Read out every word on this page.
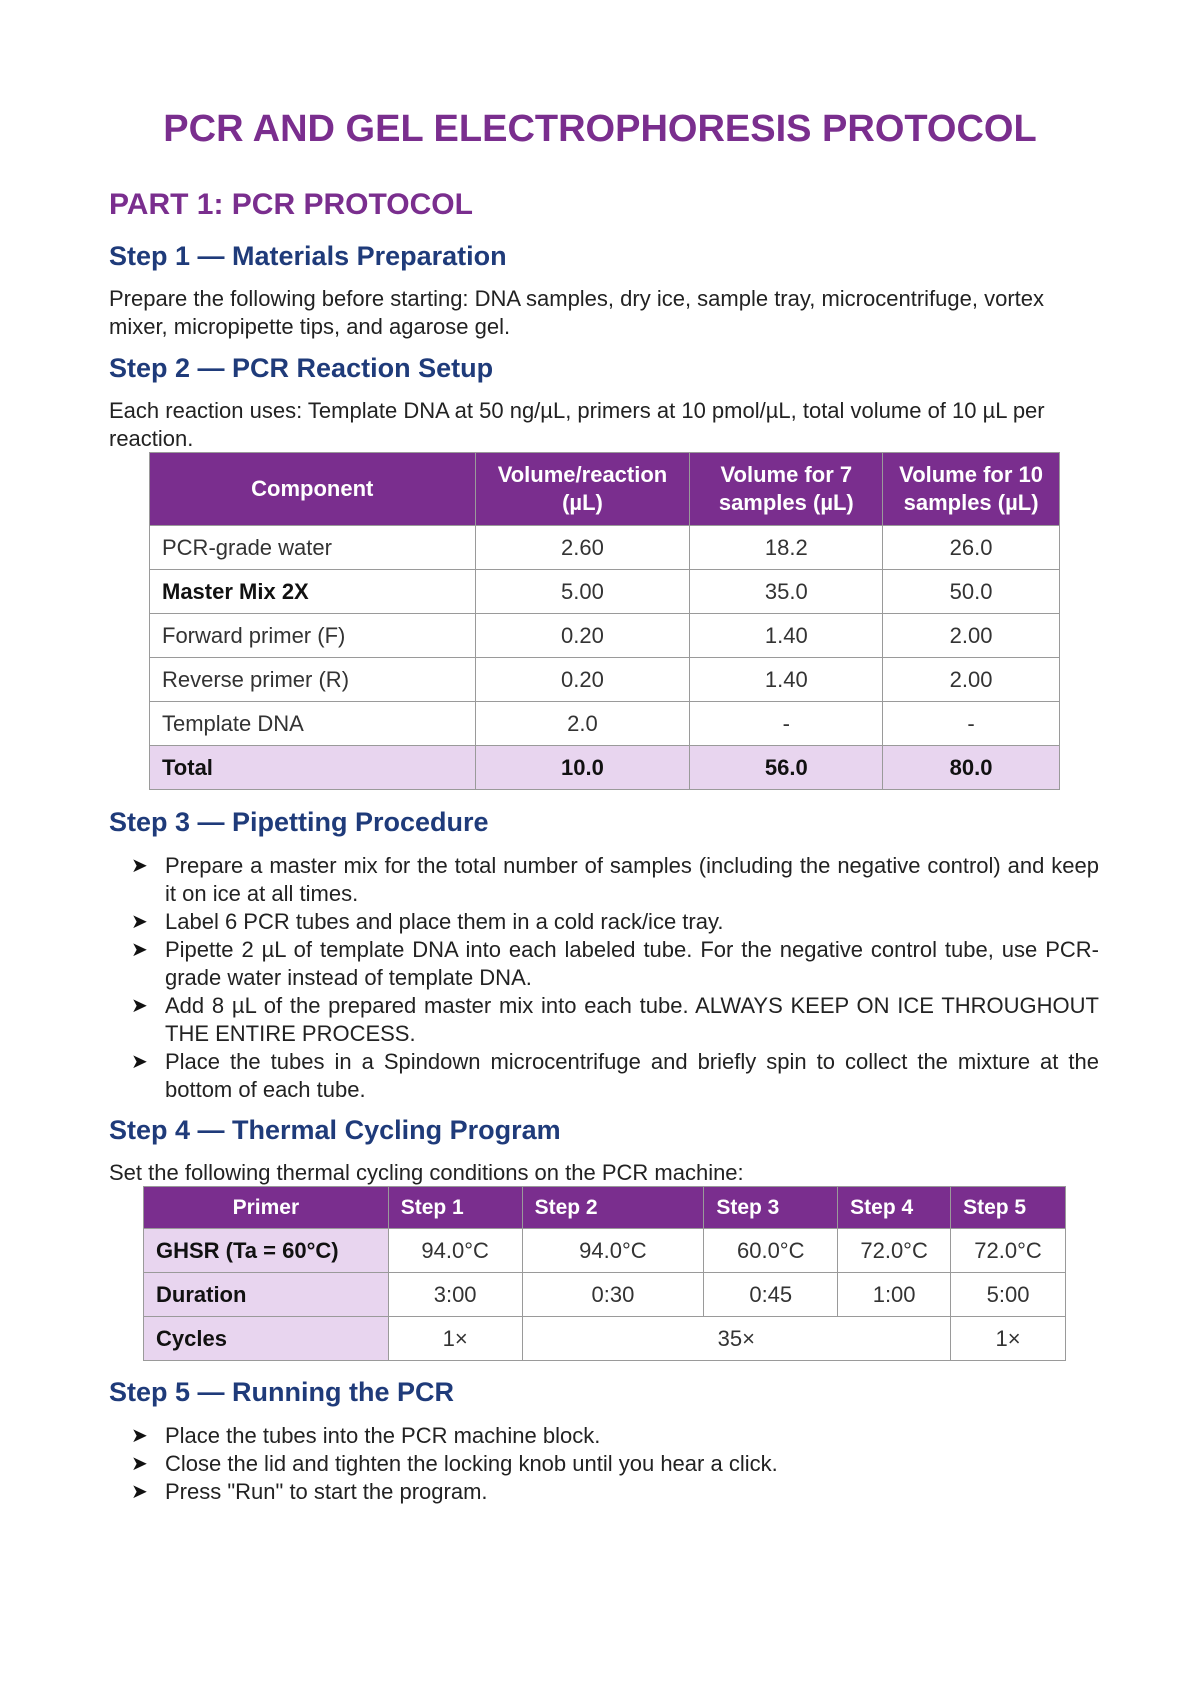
PCR AND GEL ELECTROPHORESIS PROTOCOL
PART 1: PCR PROTOCOL
Step 1 — Materials Preparation

Prepare the following before starting: DNA samples, dry ice, sample tray, microcentrifuge, vortex mixer, micropipette tips, and agarose gel.

Step 2 — PCR Reaction Setup

Each reaction uses: Template DNA at 50 ng/µL, primers at 10 pmol/µL, total volume of 10 µL per reaction.

Component	Volume/reaction (µL)	Volume for 7 samples (µL)	Volume for 10 samples (µL)
PCR-grade water	2.60	18.2	26.0
Master Mix 2X	5.00	35.0	50.0
Forward primer (F)	0.20	1.40	2.00
Reverse primer (R)	0.20	1.40	2.00
Template DNA	2.0	-	-
Total	10.0	56.0	80.0
Step 3 — Pipetting Procedure
➤ Prepare a master mix for the total number of samples (including the negative control) and keep it on ice at all times.
➤ Label 6 PCR tubes and place them in a cold rack/ice tray.
➤ Pipette 2 µL of template DNA into each labeled tube. For the negative control tube, use PCR-grade water instead of template DNA.
➤ Add 8 µL of the prepared master mix into each tube. ALWAYS KEEP ON ICE THROUGHOUT THE ENTIRE PROCESS.
➤ Place the tubes in a Spindown microcentrifuge and briefly spin to collect the mixture at the bottom of each tube.
Step 4 — Thermal Cycling Program

Set the following thermal cycling conditions on the PCR machine:

Primer	Step 1	Step 2	Step 3	Step 4	Step 5
GHSR (Ta = 60°C)	94.0°C	94.0°C	60.0°C	72.0°C	72.0°C
Duration	3:00	0:30	0:45	1:00	5:00
Cycles	1×	35×			1×
Step 5 — Running the PCR
➤ Place the tubes into the PCR machine block.
➤ Close the lid and tighten the locking knob until you hear a click.
➤ Press "Run" to start the program.
